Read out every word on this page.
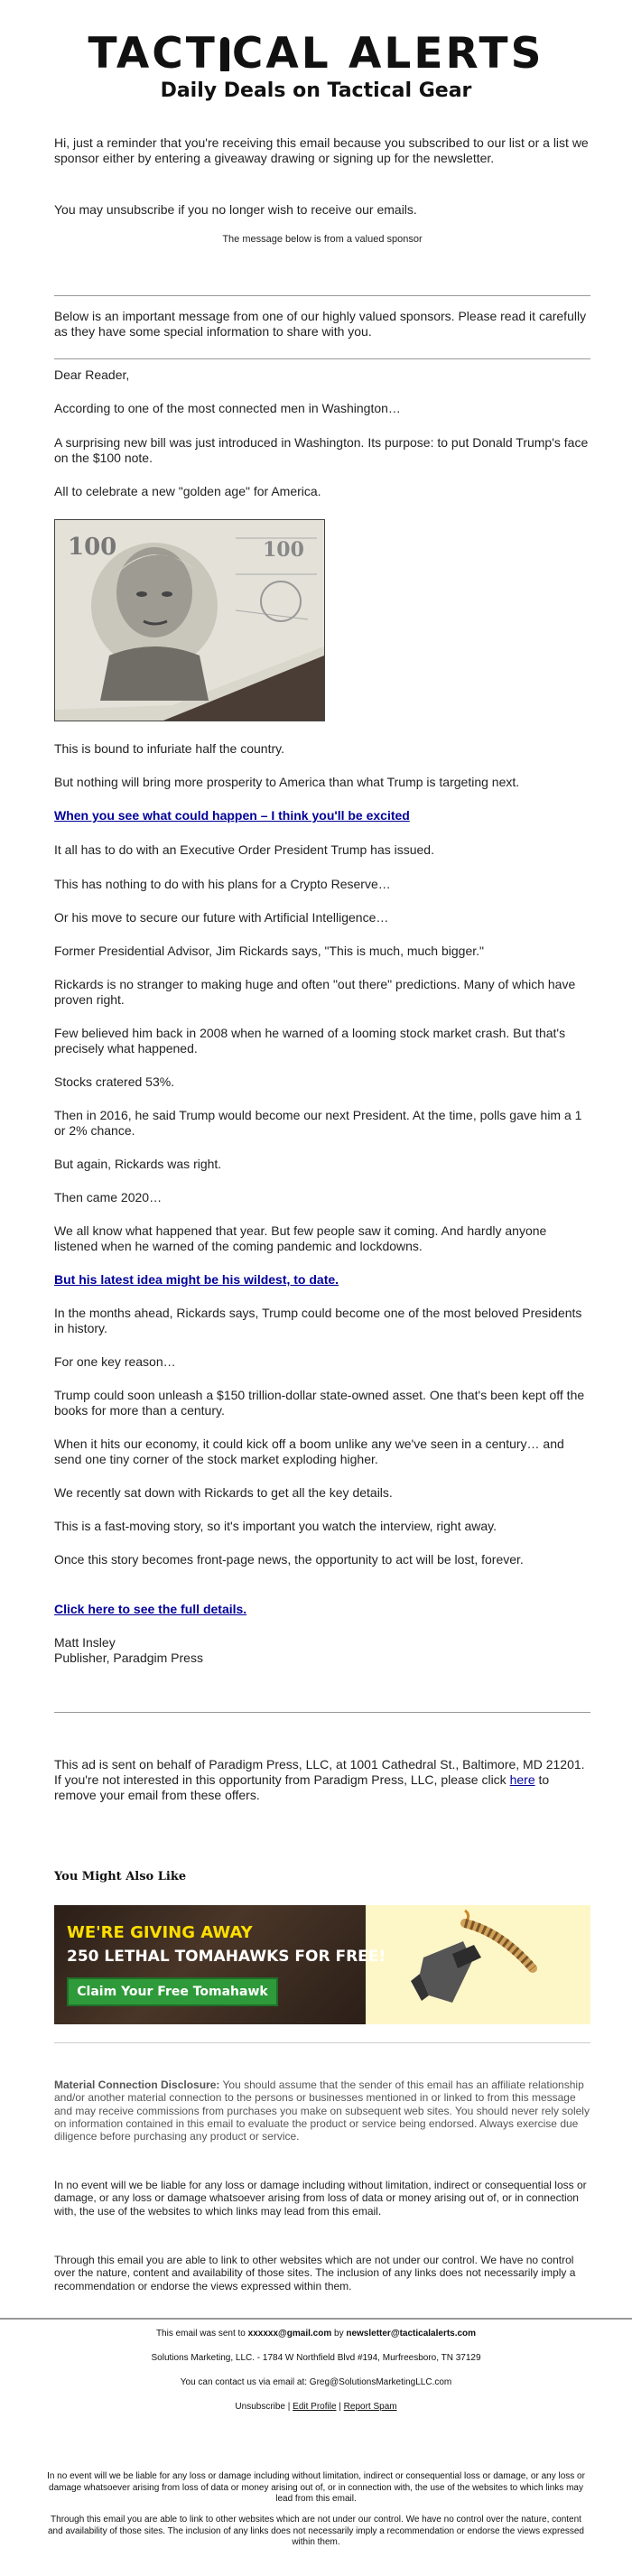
TACT CAL ALERTS
Daily Deals on Tactical Gear

Hi, just a reminder that you're receiving this email because you subscribed to our list or a list we sponsor either by entering a giveaway drawing or signing up for the newsletter.

You may unsubscribe if you no longer wish to receive our emails.

The message below is from a valued sponsor

Below is an important message from one of our highly valued sponsors. Please read it carefully as they have some special information to share with you.

Dear Reader,
According to one of the most connected men in Washington…
A surprising new bill was just introduced in Washington. Its purpose: to put Donald Trump's face on the $100 note.
All to celebrate a new "golden age" for America.
100	100
This is bound to infuriate half the country.
But nothing will bring more prosperity to America than what Trump is targeting next.
When you see what could happen – I think you'll be excited
It all has to do with an Executive Order President Trump has issued.
This has nothing to do with his plans for a Crypto Reserve…
Or his move to secure our future with Artificial Intelligence…
Former Presidential Advisor, Jim Rickards says, "This is much, much bigger."
Rickards is no stranger to making huge and often "out there" predictions. Many of which have proven right.
Few believed him back in 2008 when he warned of a looming stock market crash. But that's precisely what happened.
Stocks cratered 53%.
Then in 2016, he said Trump would become our next President. At the time, polls gave him a 1 or 2% chance.
But again, Rickards was right.
Then came 2020…
We all know what happened that year. But few people saw it coming. And hardly anyone listened when he warned of the coming pandemic and lockdowns.
But his latest idea might be his wildest, to date.
In the months ahead, Rickards says, Trump could become one of the most beloved Presidents in history.
For one key reason…
Trump could soon unleash a $150 trillion-dollar state-owned asset. One that's been kept off the books for more than a century.
When it hits our economy, it could kick off a boom unlike any we've seen in a century… and send one tiny corner of the stock market exploding higher.
We recently sat down with Rickards to get all the key details.
This is a fast-moving story, so it's important you watch the interview, right away.
Once this story becomes front-page news, the opportunity to act will be lost, forever.
Click here to see the full details.
Matt Insley
Publisher, Paradgim Press
This ad is sent on behalf of Paradigm Press, LLC, at 1001 Cathedral St., Baltimore, MD 21201. If you're not interested in this opportunity from Paradigm Press, LLC, please click here to remove your email from these offers.
You Might Also Like
WE'RE GIVING AWAY
250 LETHAL TOMAHAWKS FOR FREE!
Claim Your Free Tomahawk
Material Connection Disclosure: You should assume that the sender of this email has an affiliate relationship and/or another material connection to the persons or businesses mentioned in or linked to from this message and may receive commissions from purchases you make on subsequent web sites. You should never rely solely on information contained in this email to evaluate the product or service being endorsed. Always exercise due diligence before purchasing any product or service.
In no event will we be liable for any loss or damage including without limitation, indirect or consequential loss or damage, or any loss or damage whatsoever arising from loss of data or money arising out of, or in connection with, the use of the websites to which links may lead from this email.
Through this email you are able to link to other websites which are not under our control. We have no control over the nature, content and availability of those sites. The inclusion of any links does not necessarily imply a recommendation or endorse the views expressed within them.
This email was sent to xxxxxx@gmail.com by newsletter@tacticalalerts.com
Solutions Marketing, LLC. - 1784 W Northfield Blvd #194, Murfreesboro, TN 37129
You can contact us via email at: Greg@SolutionsMarketingLLC.com
Unsubscribe | Edit Profile | Report Spam
In no event will we be liable for any loss or damage including without limitation, indirect or consequential loss or damage, or any loss or damage whatsoever arising from loss of data or money arising out of, or in connection with, the use of the websites to which links may lead from this email.
Through this email you are able to link to other websites which are not under our control. We have no control over the nature, content and availability of those sites. The inclusion of any links does not necessarily imply a recommendation or endorse the views expressed within them.
